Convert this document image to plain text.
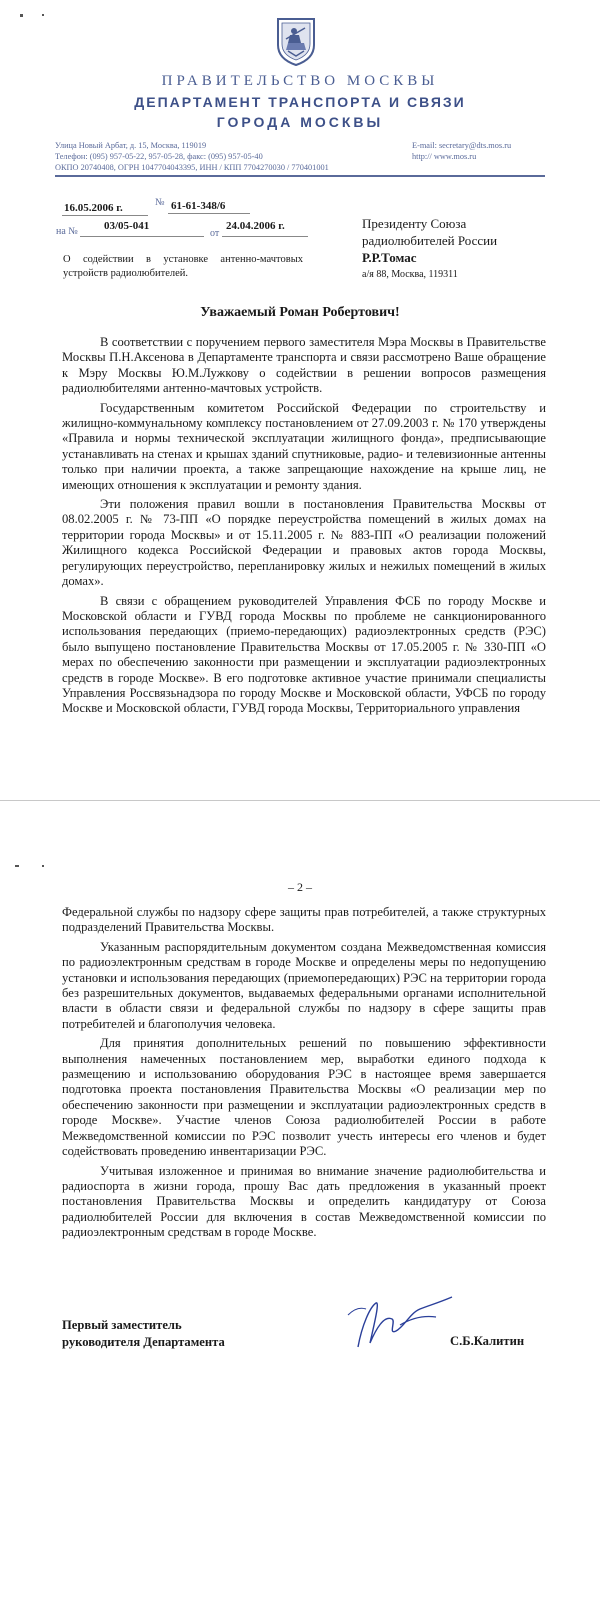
ПРАВИТЕЛЬСТВО МОСКВЫ
ДЕПАРТАМЕНТ ТРАНСПОРТА И СВЯЗИ
ГОРОДА МОСКВЫ
Улица Новый Арбат, д. 15, Москва, 119019
Телефон: (095) 957-05-22, 957-05-28, факс: (095) 957-05-40
ОКПО 20740408, ОГРН 1047704043395, ИНН / КПП 7704270030 / 770401001
E-mail: secretary@dts.mos.ru
http:// www.mos.ru
16.05.2006 г.	№ 61-61-348/6
на № 03/05-041
от
24.04.2006 г.
О содействии в установке антенно-мачтовых устройств радиолюбителей.
Президенту Союза
радиолюбителей России
Р.Р.Томас
а/я 88, Москва, 119311
Уважаемый Роман Робертович!

В соответствии с поручением первого заместителя Мэра Москвы в Правительстве Москвы П.Н.Аксенова в Департаменте транспорта и связи рассмотрено Ваше обращение к Мэру Москвы Ю.М.Лужкову о содействии в решении вопросов размещения радиолюбителями антенно-мачтовых устройств.

Государственным комитетом Российской Федерации по строительству и жилищно-коммунальному комплексу постановлением от 27.09.2003 г. № 170 утверждены «Правила и нормы технической эксплуатации жилищного фонда», предписывающие устанавливать на стенах и крышах зданий спутниковые, радио- и телевизионные антенны только при наличии проекта, а также запрещающие нахождение на крыше лиц, не имеющих отношения к эксплуатации и ремонту здания.

Эти положения правил вошли в постановления Правительства Москвы от 08.02.2005 г. № 73-ПП «О порядке переустройства помещений в жилых домах на территории города Москвы» и от 15.11.2005 г. № 883-ПП «О реализации положений Жилищного кодекса Российской Федерации и правовых актов города Москвы, регулирующих переустройство, перепланировку жилых и нежилых помещений в жилых домах».

В связи с обращением руководителей Управления ФСБ по городу Москве и Московской области и ГУВД города Москвы по проблеме не санкционированного использования передающих (приемо-передающих) радиоэлектронных средств (РЭС) было выпущено постановление Правительства Москвы от 17.05.2005 г. № 330-ПП «О мерах по обеспечению законности при размещении и эксплуатации радиоэлектронных средств в городе Москве». В его подготовке активное участие принимали специалисты Управления Россвязьнадзора по городу Москве и Московской области, УФСБ по городу Москве и Московской области, ГУВД города Москвы, Территориального управления

– 2 –

Федеральной службы по надзору сфере защиты прав потребителей, а также структурных подразделений Правительства Москвы.

Указанным распорядительным документом создана Межведомственная комиссия по радиоэлектронным средствам в городе Москве и определены меры по недопущению установки и использования передающих (приемопередающих) РЭС на территории города без разрешительных документов, выдаваемых федеральными органами исполнительной власти в области связи и федеральной службы по надзору в сфере защиты прав потребителей и благополучия человека.

Для принятия дополнительных решений по повышению эффективности выполнения намеченных постановлением мер, выработки единого подхода к размещению и использованию оборудования РЭС в настоящее время завершается подготовка проекта постановления Правительства Москвы «О реализации мер по обеспечению законности при размещении и эксплуатации радиоэлектронных средств в городе Москве». Участие членов Союза радиолюбителей России в работе Межведомственной комиссии по РЭС позволит учесть интересы его членов и будет содействовать проведению инвентаризации РЭС.

Учитывая изложенное и принимая во внимание значение радиолюбительства и радиоспорта в жизни города, прошу Вас дать предложения в указанный проект постановления Правительства Москвы и определить кандидатуру от Союза радиолюбителей России для включения в состав Межведомственной комиссии по радиоэлектронным средствам в городе Москве.

Первый заместитель
руководителя Департамента	С.Б.Калитин
